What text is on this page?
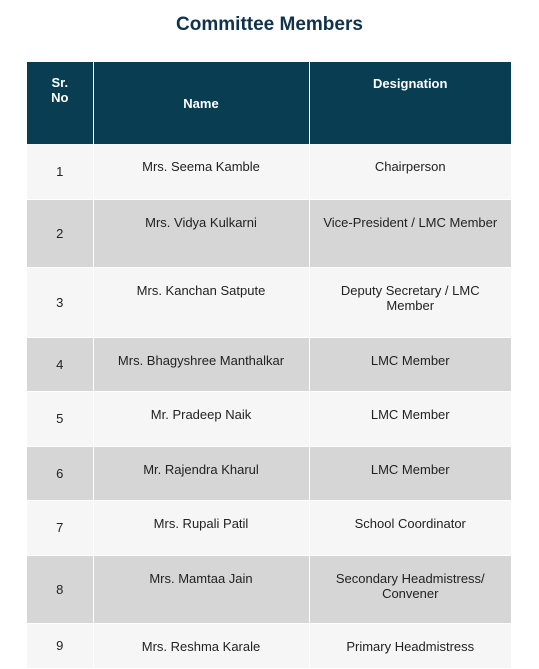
Committee Members
Sr.
No	Name	Designation
1	Mrs. Seema Kamble	Chairperson
2	Mrs. Vidya Kulkarni	Vice-President / LMC Member
3	Mrs. Kanchan Satpute	Deputy Secretary / LMC Member
4	Mrs. Bhagyshree Manthalkar	LMC Member
5	Mr. Pradeep Naik	LMC Member
6	Mr. Rajendra Kharul	LMC Member
7	Mrs. Rupali Patil	School Coordinator
8	Mrs. Mamtaa Jain	Secondary Headmistress/ Convener
9	Mrs. Reshma Karale	Primary Headmistress
